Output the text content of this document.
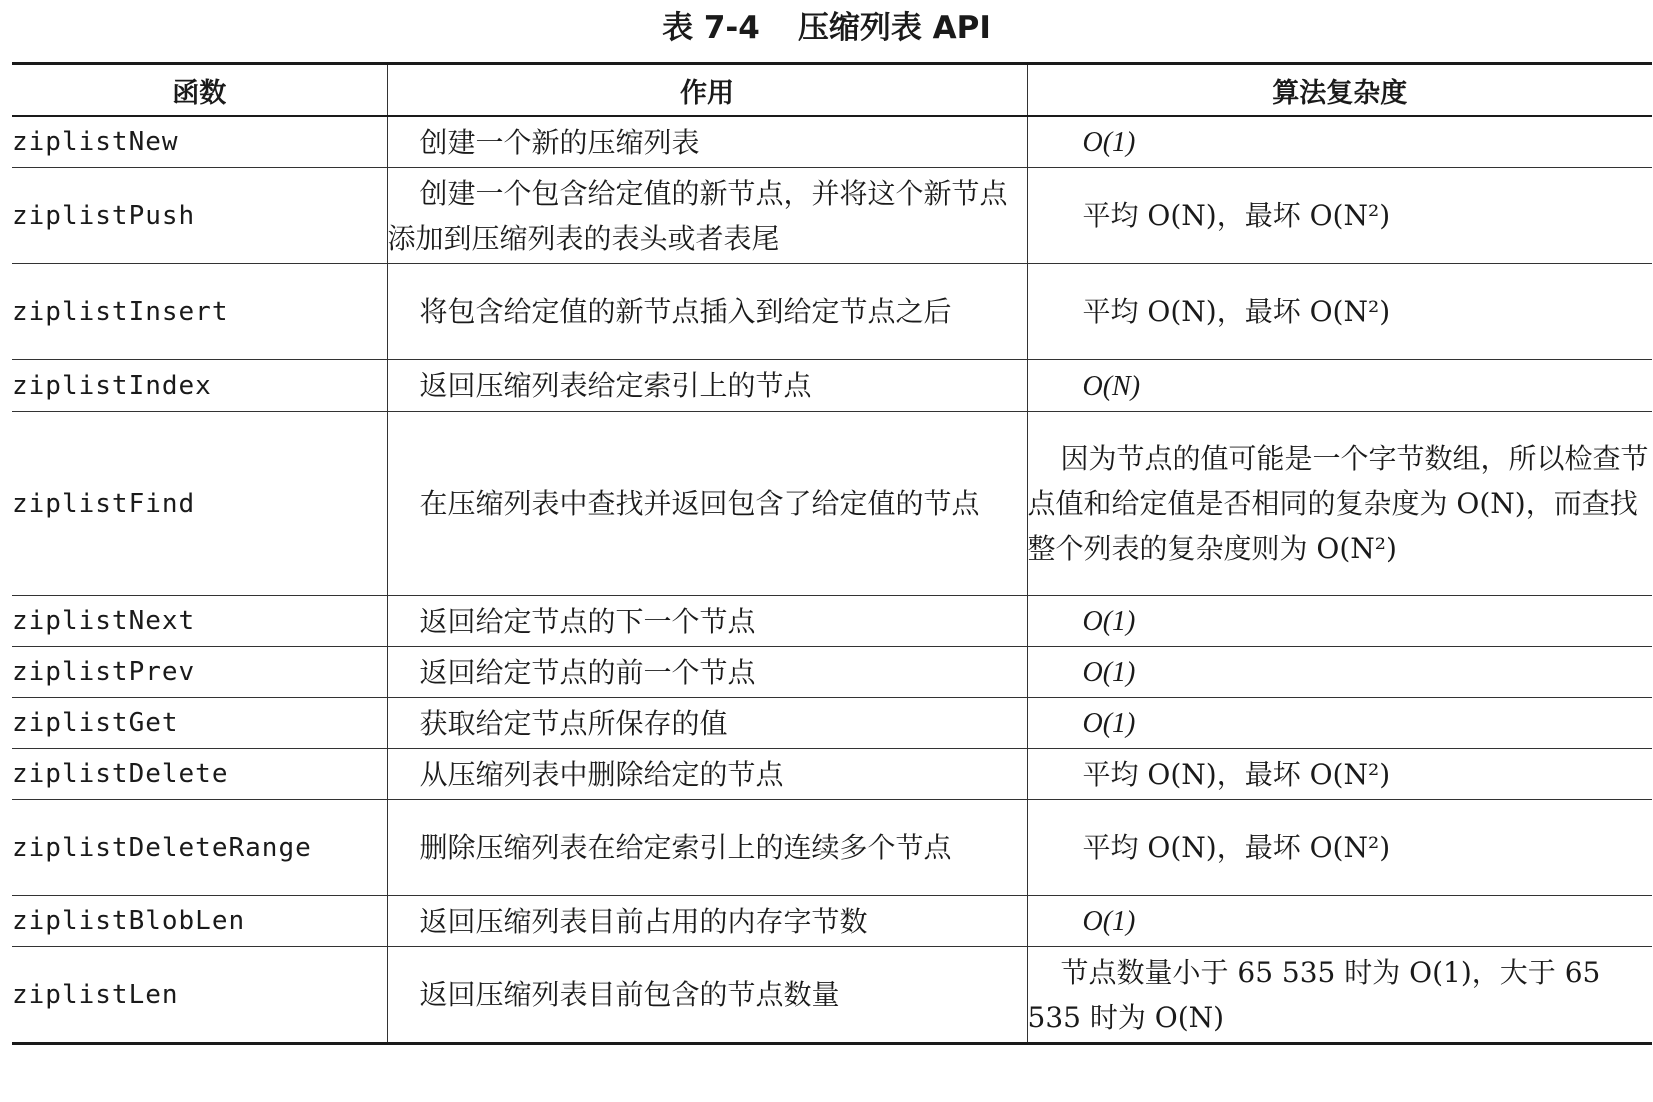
表 7-4 压缩列表 API
函数	作用	算法复杂度
ziplistNew	创建一个新的压缩列表	O(1)
ziplistPush	创建一个包含给定值的新节点，并将这个新节点添加到压缩列表的表头或者表尾	平均 O(N)，最坏 O(N²)
ziplistInsert	将包含给定值的新节点插入到给定节点之后	平均 O(N)，最坏 O(N²)
ziplistIndex	返回压缩列表给定索引上的节点	O(N)
ziplistFind	在压缩列表中查找并返回包含了给定值的节点	因为节点的值可能是一个字节数组，所以检查节点值和给定值是否相同的复杂度为 O(N)，而查找整个列表的复杂度则为 O(N²)
ziplistNext	返回给定节点的下一个节点	O(1)
ziplistPrev	返回给定节点的前一个节点	O(1)
ziplistGet	获取给定节点所保存的值	O(1)
ziplistDelete	从压缩列表中删除给定的节点	平均 O(N)，最坏 O(N²)
ziplistDeleteRange	删除压缩列表在给定索引上的连续多个节点	平均 O(N)，最坏 O(N²)
ziplistBlobLen	返回压缩列表目前占用的内存字节数	O(1)
ziplistLen	返回压缩列表目前包含的节点数量	节点数量小于 65 535 时为 O(1)，大于 65 535 时为 O(N)
